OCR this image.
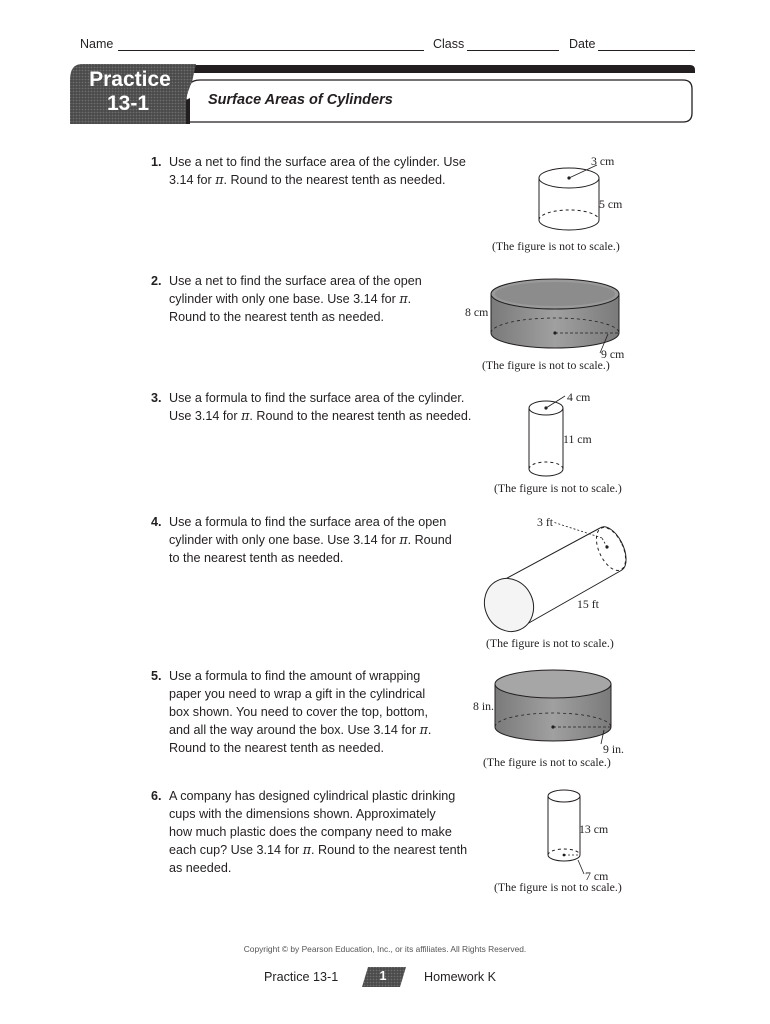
Name	Class	Date
Practice
13-1	Surface Areas of Cylinders
1. Use a net to find the surface area of the cylinder. Use
3.14 for π. Round to the nearest tenth as needed.
3 cm
5 cm
(The figure is not to scale.)
2. Use a net to find the surface area of the open
cylinder with only one base. Use 3.14 for π.
Round to the nearest tenth as needed.	8 cm
9 cm
(The figure is not to scale.)
3. Use a formula to find the surface area of the cylinder.
Use 3.14 for π. Round to the nearest tenth as needed.
4 cm
11 cm
(The figure is not to scale.)
4. Use a formula to find the surface area of the open
cylinder with only one base. Use 3.14 for π. Round
to the nearest tenth as needed.
3 ft
15 ft
(The figure is not to scale.)
5. Use a formula to find the amount of wrapping
paper you need to wrap a gift in the cylindrical
box shown. You need to cover the top, bottom,
and all the way around the box. Use 3.14 for π.
Round to the nearest tenth as needed.
8 in.
9 in.
(The figure is not to scale.)
6. A company has designed cylindrical plastic drinking
cups with the dimensions shown. Approximately
how much plastic does the company need to make
each cup? Use 3.14 for π. Round to the nearest tenth
as needed.
13 cm
7 cm
(The figure is not to scale.)
Copyright © by Pearson Education, Inc., or its affiliates. All Rights Reserved.
Practice 13-1	1	Homework K
